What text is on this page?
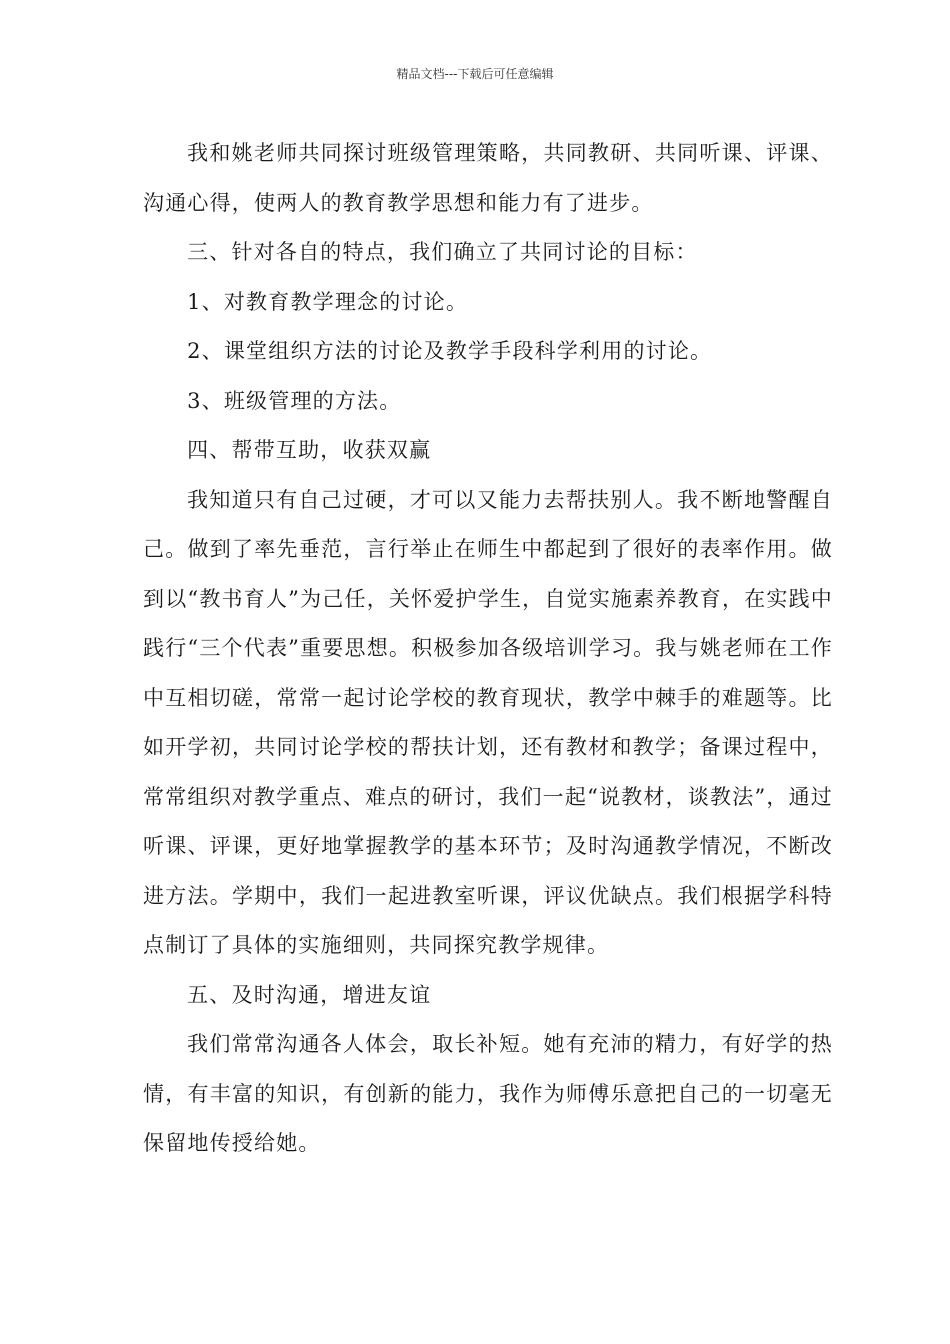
精品文档---下载后可任意编辑

我和姚老师共同探讨班级管理策略，共同教研、共同听课、评课、沟通心得，使两人的教育教学思想和能力有了进步。

三、针对各自的特点，我们确立了共同讨论的目标：

1、对教育教学理念的讨论。

2、课堂组织方法的讨论及教学手段科学利用的讨论。

3、班级管理的方法。

四、帮带互助，收获双赢

我知道只有自己过硬，才可以又能力去帮扶别人。我不断地警醒自己。做到了率先垂范，言行举止在师生中都起到了很好的表率作用。做到以“教书育人”为己任，关怀爱护学生，自觉实施素养教育，在实践中践行“三个代表”重要思想。积极参加各级培训学习。我与姚老师在工作中互相切磋，常常一起讨论学校的教育现状，教学中棘手的难题等。比如开学初，共同讨论学校的帮扶计划，还有教材和教学；备课过程中，常常组织对教学重点、难点的研讨，我们一起“说教材，谈教法”，通过听课、评课，更好地掌握教学的基本环节；及时沟通教学情况，不断改进方法。学期中，我们一起进教室听课，评议优缺点。我们根据学科特点制订了具体的实施细则，共同探究教学规律。

五、及时沟通，增进友谊

我们常常沟通各人体会，取长补短。她有充沛的精力，有好学的热情，有丰富的知识，有创新的能力，我作为师傅乐意把自己的一切毫无保留地传授给她。
